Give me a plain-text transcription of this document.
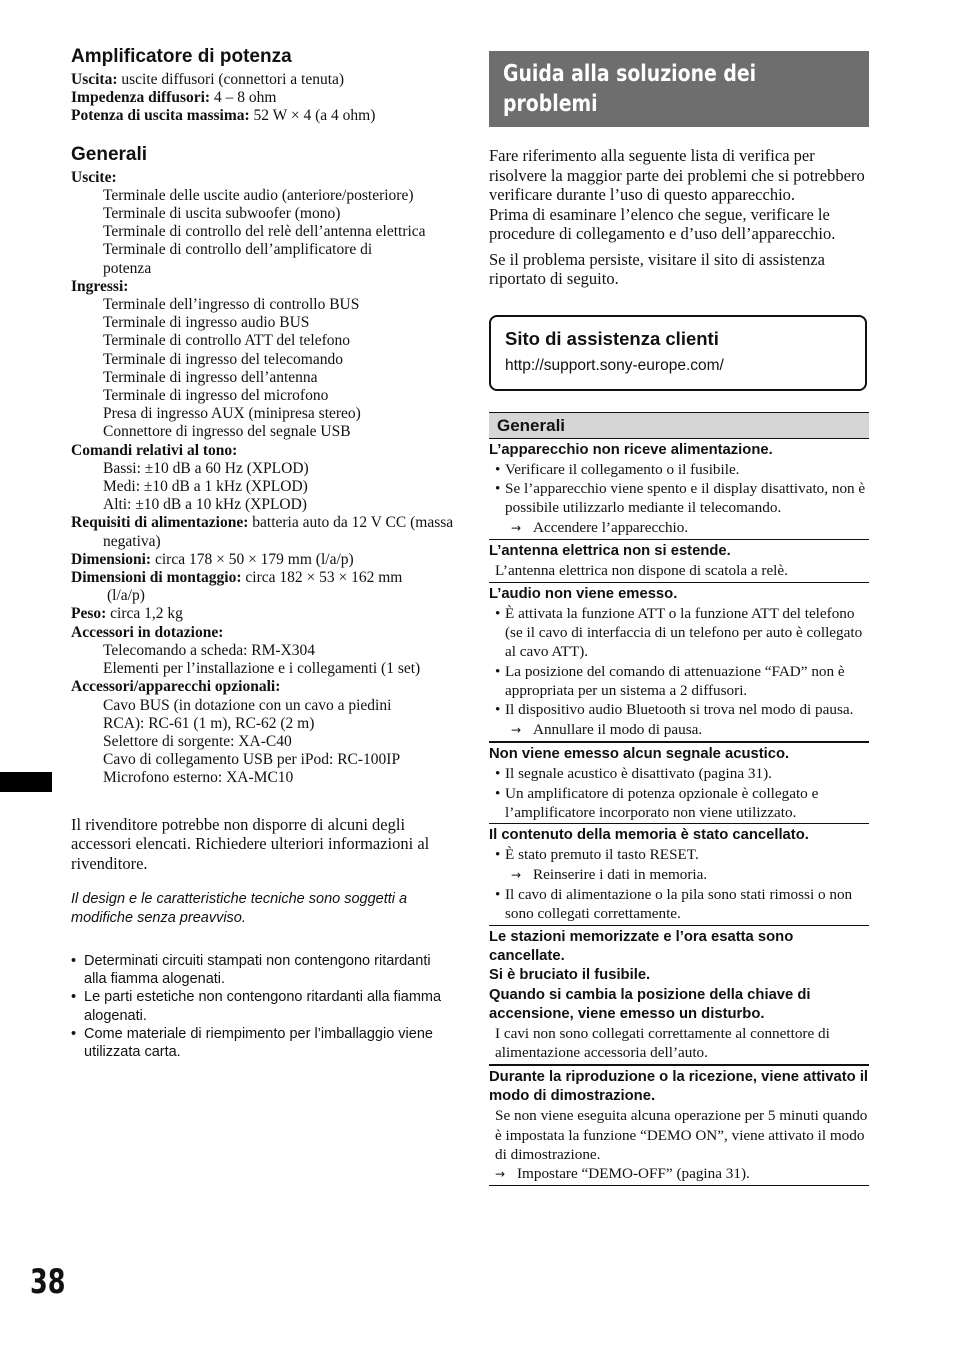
Amplificatore di potenza

Uscita: uscite diffusori (connettori a tenuta)

Impedenza diffusori: 4 – 8 ohm

Potenza di uscita massima: 52 W × 4 (a 4 ohm)

Generali

Uscite:

Terminale delle uscite audio (anteriore/posteriore)

Terminale di uscita subwoofer (mono)

Terminale di controllo del relè dell’antenna elettrica

Terminale di controllo dell’amplificatore di potenza

Ingressi:

Terminale dell’ingresso di controllo BUS

Terminale di ingresso audio BUS

Terminale di controllo ATT del telefono

Terminale di ingresso del telecomando

Terminale di ingresso dell’antenna

Terminale di ingresso del microfono

Presa di ingresso AUX (minipresa stereo)

Connettore di ingresso del segnale USB

Comandi relativi al tono:

Bassi: ±10 dB a 60 Hz (XPLOD)

Medi: ±10 dB a 1 kHz (XPLOD)

Alti: ±10 dB a 10 kHz (XPLOD)

Requisiti di alimentazione: batteria auto da 12 V CC (massa negativa)

Dimensioni: circa 178 × 50 × 179 mm (l/a/p)

Dimensioni di montaggio: circa 182 × 53 × 162 mm (l/a/p)

Peso: circa 1,2 kg

Accessori in dotazione:

Telecomando a scheda: RM-X304

Elementi per l’installazione e i collegamenti (1 set)

Accessori/apparecchi opzionali:

Cavo BUS (in dotazione con un cavo a piedini RCA): RC-61 (1 m), RC-62 (2 m)

Selettore di sorgente: XA-C40

Cavo di collegamento USB per iPod: RC-100IP

Microfono esterno: XA-MC10

Il rivenditore potrebbe non disporre di alcuni degli accessori elencati. Richiedere ulteriori informazioni al rivenditore.

Il design e le caratteristiche tecniche sono soggetti a modifiche senza preavviso.

• Determinati circuiti stampati non contengono ritardanti alla fiamma alogenati.
• Le parti estetiche non contengono ritardanti alla fiamma alogenati.
• Come materiale di riempimento per l’imballaggio viene utilizzata carta.
Guida alla soluzione dei
problemi

Fare riferimento alla seguente lista di verifica per risolvere la maggior parte dei problemi che si potrebbero verificare durante l’uso di questo apparecchio.

Prima di esaminare l’elenco che segue, verificare le procedure di collegamento e d’uso dell’apparecchio.

Se il problema persiste, visitare il sito di assistenza riportato di seguito.

Sito di assistenza clienti
http://support.sony-europe.com/
Generali

L’apparecchio non riceve alimentazione.

• Verificare il collegamento o il fusibile.
• Se l’apparecchio viene spento e il display disattivato, non è possibile utilizzarlo mediante il telecomando.
→ Accendere l’apparecchio.

L’antenna elettrica non si estende.

L’antenna elettrica non dispone di scatola a relè.

L’audio non viene emesso.

• È attivata la funzione ATT o la funzione ATT del telefono (se il cavo di interfaccia di un telefono per auto è collegato al cavo ATT).
• La posizione del comando di attenuazione “FAD” non è appropriata per un sistema a 2 diffusori.
• Il dispositivo audio Bluetooth si trova nel modo di pausa.
→ Annullare il modo di pausa.

Non viene emesso alcun segnale acustico.

• Il segnale acustico è disattivato (pagina 31).
• Un amplificatore di potenza opzionale è collegato e l’amplificatore incorporato non viene utilizzato.

Il contenuto della memoria è stato cancellato.

• È stato premuto il tasto RESET.
→ Reinserire i dati in memoria.
• Il cavo di alimentazione o la pila sono stati rimossi o non sono collegati correttamente.

Le stazioni memorizzate e l’ora esatta sono cancellate.

Si è bruciato il fusibile.

Quando si cambia la posizione della chiave di accensione, viene emesso un disturbo.

I cavi non sono collegati correttamente al connettore di alimentazione accessoria dell’auto.

Durante la riproduzione o la ricezione, viene attivato il modo di dimostrazione.

Se non viene eseguita alcuna operazione per 5 minuti quando è impostata la funzione “DEMO ON”, viene attivato il modo di dimostrazione.

→ Impostare “DEMO-OFF” (pagina 31).

38
